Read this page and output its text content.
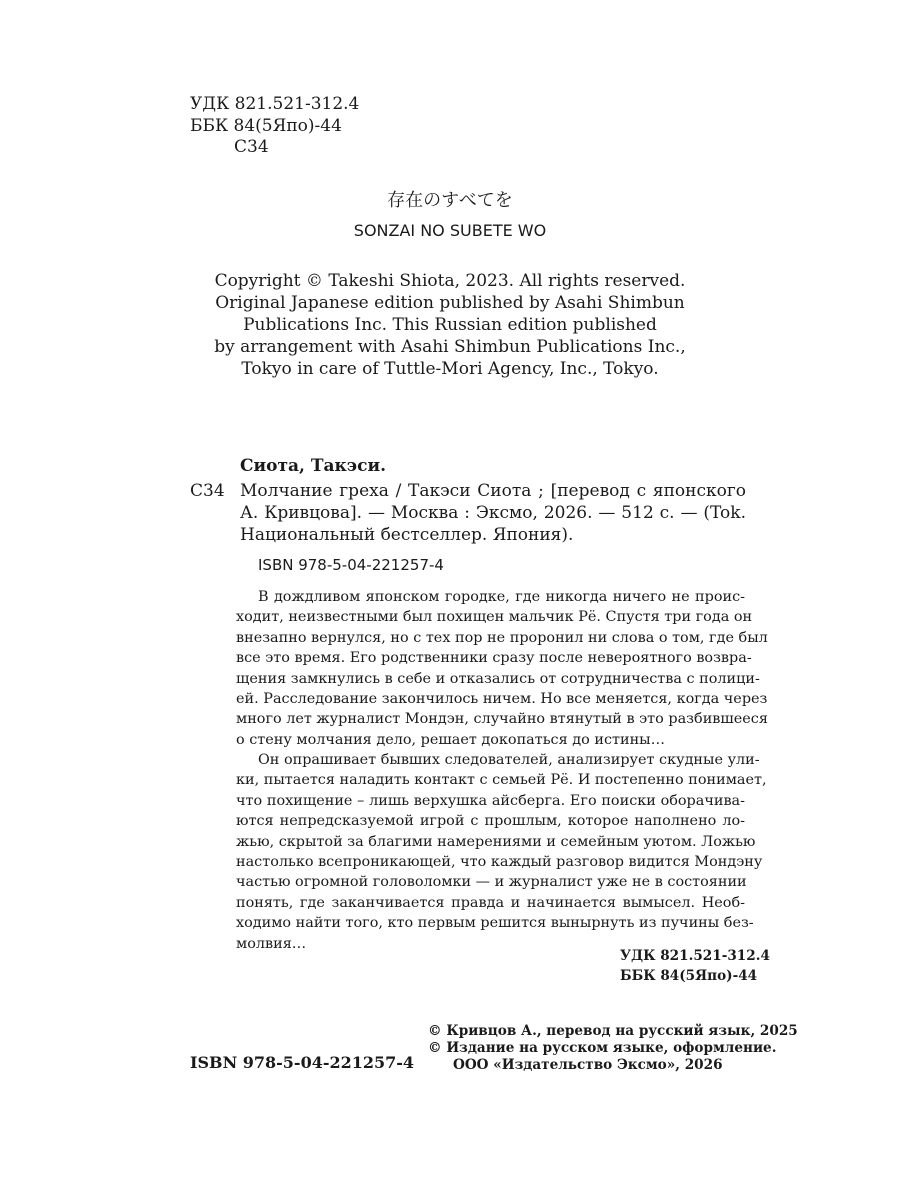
УДК 821.521-312.4
ББК 84(5Япо)-44
С34
存在のすべてを
SONZAI NO SUBETE WO
Copyright © Takeshi Shiota, 2023. All rights reserved.
Original Japanese edition published by Asahi Shimbun
Publications Inc. This Russian edition published
by arrangement with Asahi Shimbun Publications Inc.,
Tokyo in care of Tuttle-Mori Agency, Inc., Tokyo.
Сиота, Такэси.
С34 Молчание греха / Такэси Сиота ; [перевод с японского
А. Кривцова]. — Москва : Эксмо, 2026. — 512 с. — (Tok.
Национальный бестселлер. Япония).
ISBN 978-5-04-221257-4
В дождливом японском городке, где никогда ничего не проис-
ходит, неизвестными был похищен мальчик Рё. Спустя три года он
внезапно вернулся, но с тех пор не проронил ни слова о том, где был
все это время. Его родственники сразу после невероятного возвра-
щения замкнулись в себе и отказались от сотрудничества с полици-
ей. Расследование закончилось ничем. Но все меняется, когда через
много лет журналист Мондэн, случайно втянутый в это разбившееся
о стену молчания дело, решает докопаться до истины…
Он опрашивает бывших следователей, анализирует скудные ули-
ки, пытается наладить контакт с семьей Рё. И постепенно понимает,
что похищение – лишь верхушка айсберга. Его поиски оборачива-
ются непредсказуемой игрой с прошлым, которое наполнено ло-
жью, скрытой за благими намерениями и семейным уютом. Ложью
настолько всепроникающей, что каждый разговор видится Мондэну
частью огромной головоломки — и журналист уже не в состоянии
понять, где заканчивается правда и начинается вымысел. Необ-
ходимо найти того, кто первым решится вынырнуть из пучины без-
молвия…
УДК 821.521-312.4
ББК 84(5Япо)-44
© Кривцов А., перевод на русский язык, 2025
© Издание на русском языке, оформление.
ООО «Издательство Эксмо», 2026
ISBN 978-5-04-221257-4
